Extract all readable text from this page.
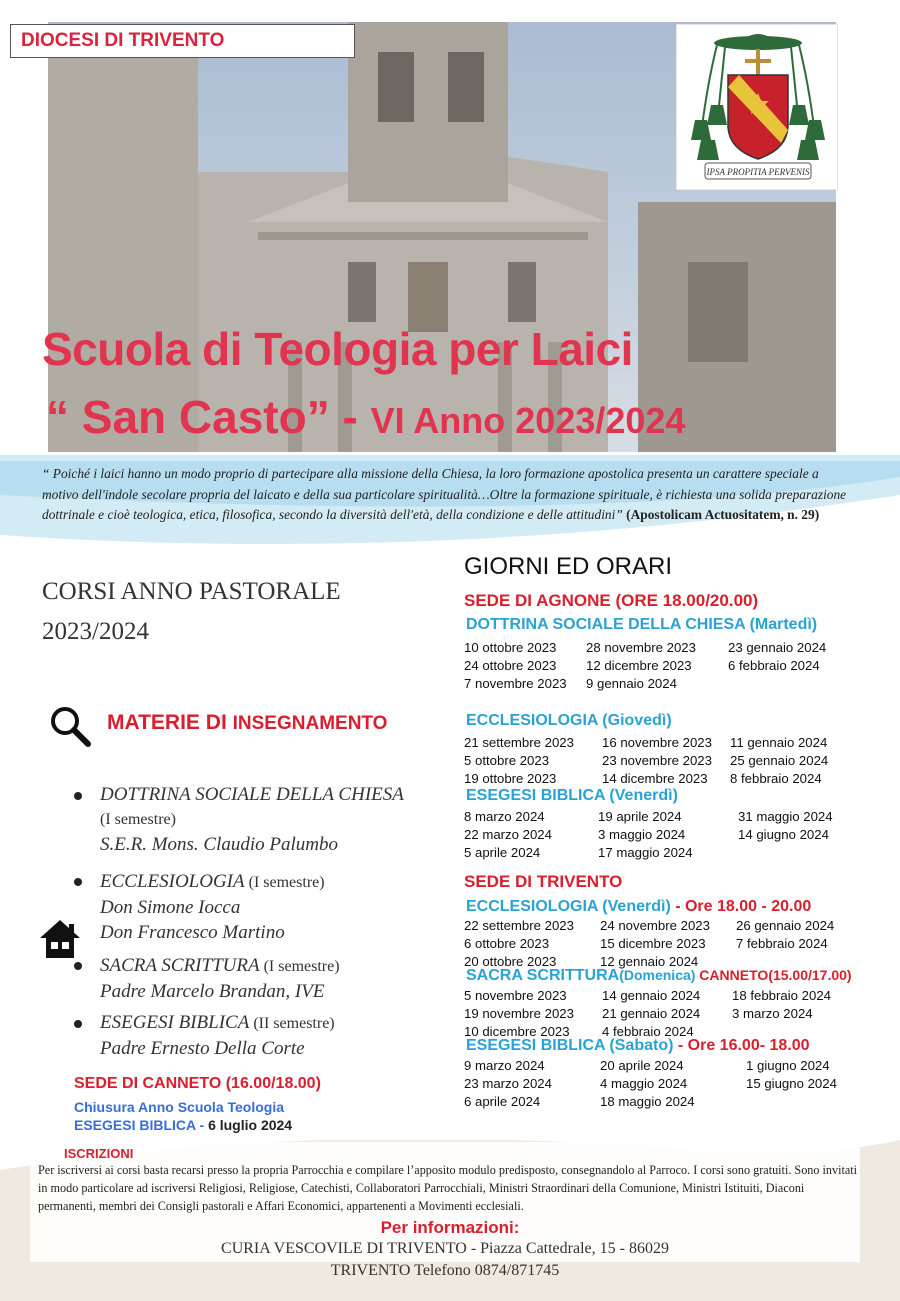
DIOCESI DI TRIVENTO
IPSA PROPITIA PERVENIS
Scuola di Teologia per Laici
“ San Casto” - VI Anno 2023/2024
“ Poiché i laici hanno un modo proprio di partecipare alla missione della Chiesa, la loro formazione apostolica presenta un carattere speciale a motivo dell'indole secolare propria del laicato e della sua particolare spiritualità…Oltre la formazione spirituale, è richiesta una solida preparazione dottrinale e cioè teologica, etica, filosofica, secondo la diversità dell'età, della condizione e delle attitudini” (Apostolicam Actuositatem, n. 29)
CORSI ANNO PASTORALE
2023/2024
MATERIE DI INSEGNAMENTO
DOTTRINA SOCIALE DELLA CHIESA
(I semestre)
S.E.R. Mons. Claudio Palumbo
ECCLESIOLOGIA (I semestre)
Don Simone Iocca
Don Francesco Martino
SACRA SCRITTURA (I semestre)
Padre Marcelo Brandan, IVE
ESEGESI BIBLICA (II semestre)
Padre Ernesto Della Corte
SEDE DI CANNETO (16.00/18.00)
Chiusura Anno Scuola Teologia
ESEGESI BIBLICA - 6 luglio 2024
GIORNI ED ORARI
SEDE DI AGNONE (ORE 18.00/20.00)
DOTTRINA SOCIALE DELLA CHIESA (Martedì)
10 ottobre 2023	28 novembre 2023	23 gennaio 2024
24 ottobre 2023	12 dicembre 2023	6 febbraio 2024
7 novembre 2023	9 gennaio 2024
ECCLESIOLOGIA (Giovedì)
21 settembre 2023	16 novembre 2023	11 gennaio 2024
5 ottobre 2023	23 novembre 2023	25 gennaio 2024
19 ottobre 2023	14 dicembre 2023	8 febbraio 2024
ESEGESI BIBLICA (Venerdì)
8 marzo 2024	19 aprile 2024	31 maggio 2024
22 marzo 2024	3 maggio 2024	14 giugno 2024
5 aprile 2024	17 maggio 2024
SEDE DI TRIVENTO
ECCLESIOLOGIA (Venerdì) - Ore 18.00 - 20.00
22 settembre 2023	24 novembre 2023	26 gennaio 2024
6 ottobre 2023	15 dicembre 2023	7 febbraio 2024
20 ottobre 2023	12 gennaio 2024
SACRA SCRITTURA(Domenica) CANNETO(15.00/17.00)
5 novembre 2023	14 gennaio 2024	18 febbraio 2024
19 novembre 2023	21 gennaio 2024	3 marzo 2024
10 dicembre 2023	4 febbraio 2024
ESEGESI BIBLICA (Sabato) - Ore 16.00- 18.00
9 marzo 2024	20 aprile 2024	1 giugno 2024
23 marzo 2024	4 maggio 2024	15 giugno 2024
6 aprile 2024	18 maggio 2024
ISCRIZIONI
Per iscriversi ai corsi basta recarsi presso la propria Parrocchia e compilare l’apposito modulo predisposto, consegnandolo al Parroco. I corsi sono gratuiti. Sono invitati in modo particolare ad iscriversi Religiosi, Religiose, Catechisti, Collaboratori Parrocchiali, Ministri Straordinari della Comunione, Ministri Istituiti, Diaconi permanenti, membri dei Consigli pastorali e Affari Economici, appartenenti a Movimenti ecclesiali.
Per informazioni:
CURIA VESCOVILE DI TRIVENTO - Piazza Cattedrale, 15 - 86029
TRIVENTO Telefono 0874/871745
